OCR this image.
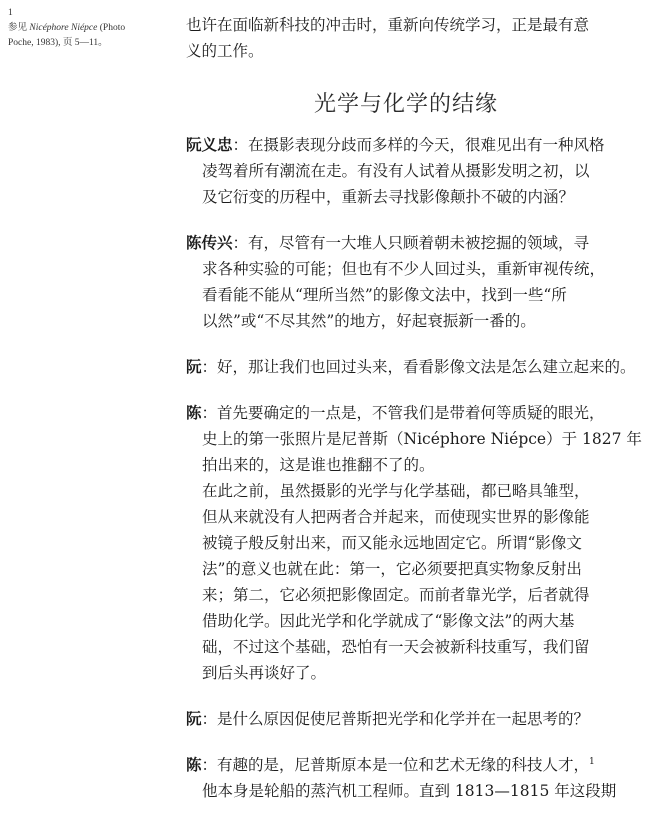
1
参见 Nicéphore Niépce (Photo
Poche, 1983), 页 5—11。
也许在面临新科技的冲击时，重新向传统学习，正是最有意
义的工作。
光学与化学的结缘
阮义忠：在摄影表现分歧而多样的今天，很难见出有一种风格
凌驾着所有潮流在走。有没有人试着从摄影发明之初，以
及它衍变的历程中，重新去寻找影像颠扑不破的内涵？
陈传兴：有，尽管有一大堆人只顾着朝未被挖掘的领域，寻
求各种实验的可能；但也有不少人回过头，重新审视传统，
看看能不能从“理所当然”的影像文法中，找到一些“所
以然”或“不尽其然”的地方，好起衰振新一番的。
阮：好，那让我们也回过头来，看看影像文法是怎么建立起来的。
陈：首先要确定的一点是，不管我们是带着何等质疑的眼光，
史上的第一张照片是尼普斯（Nicéphore Niépce）于 1827 年
拍出来的，这是谁也推翻不了的。
在此之前，虽然摄影的光学与化学基础，都已略具雏型，
但从来就没有人把两者合并起来，而使现实世界的影像能
被镜子般反射出来，而又能永远地固定它。所谓“影像文
法”的意义也就在此：第一，它必须要把真实物象反射出
来；第二，它必须把影像固定。而前者靠光学，后者就得
借助化学。因此光学和化学就成了“影像文法”的两大基
础，不过这个基础，恐怕有一天会被新科技重写，我们留
到后头再谈好了。
阮：是什么原因促使尼普斯把光学和化学并在一起思考的？
陈：有趣的是，尼普斯原本是一位和艺术无缘的科技人才，$^1$
他本身是轮船的蒸汽机工程师。直到 1813—1815 年这段期
